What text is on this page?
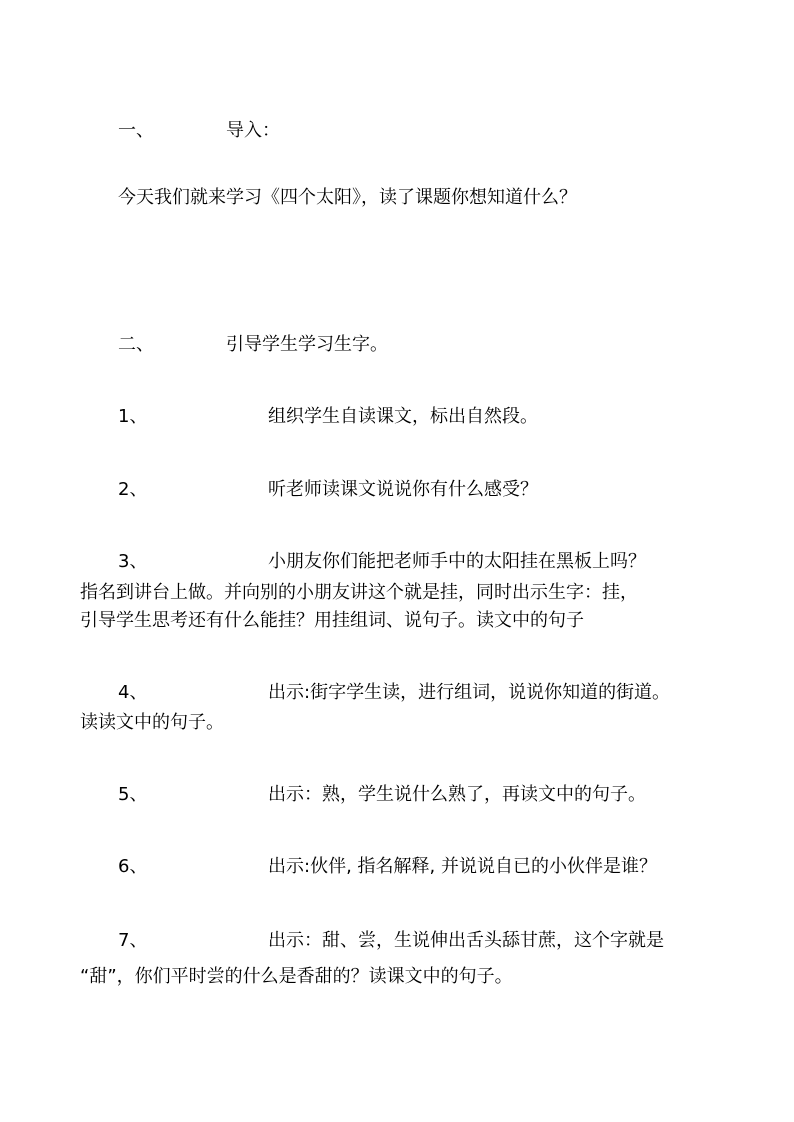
一、	导入：
今天我们就来学习《四个太阳》，读了课题你想知道什么？
二、	引导学生学习生字。
1、	组织学生自读课文，标出自然段。
2、	听老师读课文说说你有什么感受？
3、	小朋友你们能把老师手中的太阳挂在黑板上吗？
指名到讲台上做。并向别的小朋友讲这个就是挂，同时出示生字：挂，
引导学生思考还有什么能挂？用挂组词、说句子。读文中的句子
4、	出示:街字学生读，进行组词，说说你知道的街道。
读读文中的句子。
5、	出示：熟，学生说什么熟了，再读文中的句子。
6、	出示:伙伴, 指名解释, 并说说自已的小伙伴是谁？
7、	出示：甜、尝，生说伸出舌头舔甘蔗，这个字就是
“甜”，你们平时尝的什么是香甜的？读课文中的句子。
